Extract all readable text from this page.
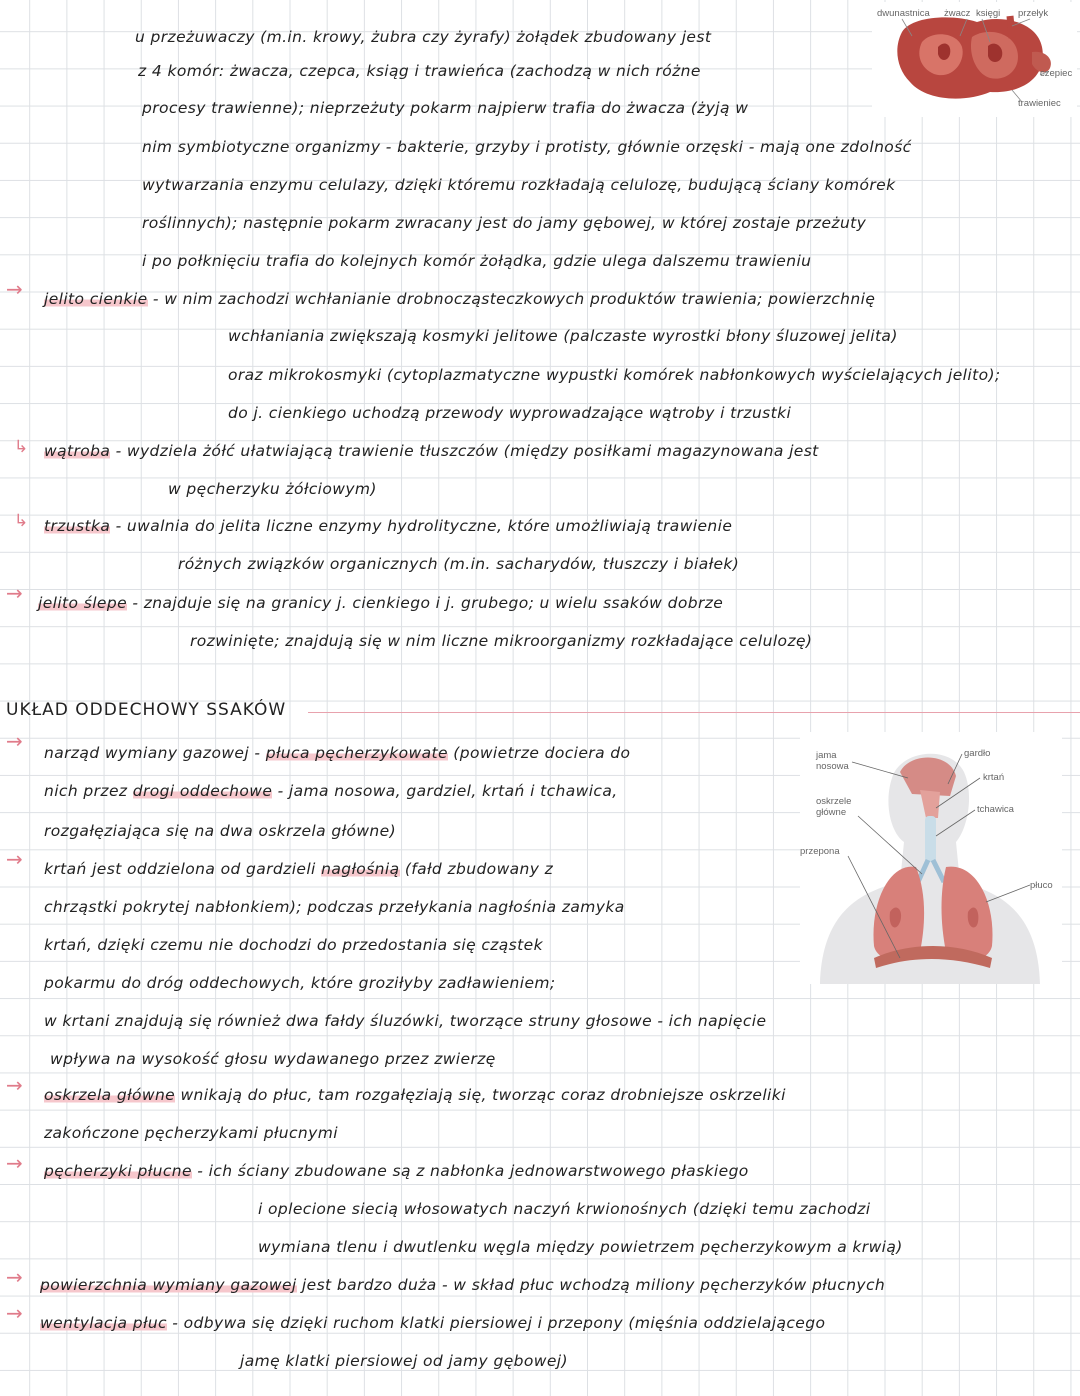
dwunastnica żwacz księgi przełyk
czepiec
trawieniec
u przeżuwaczy (m.in. krowy, żubra czy żyrafy) żołądek zbudowany jest
z 4 komór: żwacza, czepca, ksiąg i trawieńca (zachodzą w nich różne
procesy trawienne); nieprzeżuty pokarm najpierw trafia do żwacza (żyją w
nim symbiotyczne organizmy - bakterie, grzyby i protisty, głównie orzęski - mają one zdolność
wytwarzania enzymu celulazy, dzięki któremu rozkładają celulozę, budującą ściany komórek
roślinnych); następnie pokarm zwracany jest do jamy gębowej, w której zostaje przeżuty
i po połknięciu trafia do kolejnych komór żołądka, gdzie ulega dalszemu trawieniu
→ jelito cienkie - w nim zachodzi wchłanianie drobnocząsteczkowych produktów trawienia; powierzchnię
wchłaniania zwiększają kosmyki jelitowe (palczaste wyrostki błony śluzowej jelita)
oraz mikrokosmyki (cytoplazmatyczne wypustki komórek nabłonkowych wyścielających jelito);
do j. cienkiego uchodzą przewody wyprowadzające wątroby i trzustki
↳ wątroba - wydziela żółć ułatwiającą trawienie tłuszczów (między posiłkami magazynowana jest
w pęcherzyku żółciowym)
↳ trzustka - uwalnia do jelita liczne enzymy hydrolityczne, które umożliwiają trawienie
różnych związków organicznych (m.in. sacharydów, tłuszczy i białek)
→ jelito ślepe - znajduje się na granicy j. cienkiego i j. grubego; u wielu ssaków dobrze
rozwinięte; znajdują się w nim liczne mikroorganizmy rozkładające celulozę)
UKŁAD ODDECHOWY SSAKÓW
jama nosowa
gardło
krtań
oskrzele główne	tchawica
przepona
płuco
→ narząd wymiany gazowej - płuca pęcherzykowate (powietrze dociera do
nich przez drogi oddechowe - jama nosowa, gardziel, krtań i tchawica,
rozgałęziająca się na dwa oskrzela główne)
→ krtań jest oddzielona od gardzieli nagłośnią (fałd zbudowany z
chrząstki pokrytej nabłonkiem); podczas przełykania nagłośnia zamyka
krtań, dzięki czemu nie dochodzi do przedostania się cząstek
pokarmu do dróg oddechowych, które groziłyby zadławieniem;
w krtani znajdują się również dwa fałdy śluzówki, tworzące struny głosowe - ich napięcie
wpływa na wysokość głosu wydawanego przez zwierzę
→ oskrzela główne wnikają do płuc, tam rozgałęziają się, tworząc coraz drobniejsze oskrzeliki
zakończone pęcherzykami płucnymi
→ pęcherzyki płucne - ich ściany zbudowane są z nabłonka jednowarstwowego płaskiego
i oplecione siecią włosowatych naczyń krwionośnych (dzięki temu zachodzi
wymiana tlenu i dwutlenku węgla między powietrzem pęcherzykowym a krwią)
→ powierzchnia wymiany gazowej jest bardzo duża - w skład płuc wchodzą miliony pęcherzyków płucnych
→ wentylacja płuc - odbywa się dzięki ruchom klatki piersiowej i przepony (mięśnia oddzielającego
jamę klatki piersiowej od jamy gębowej)
